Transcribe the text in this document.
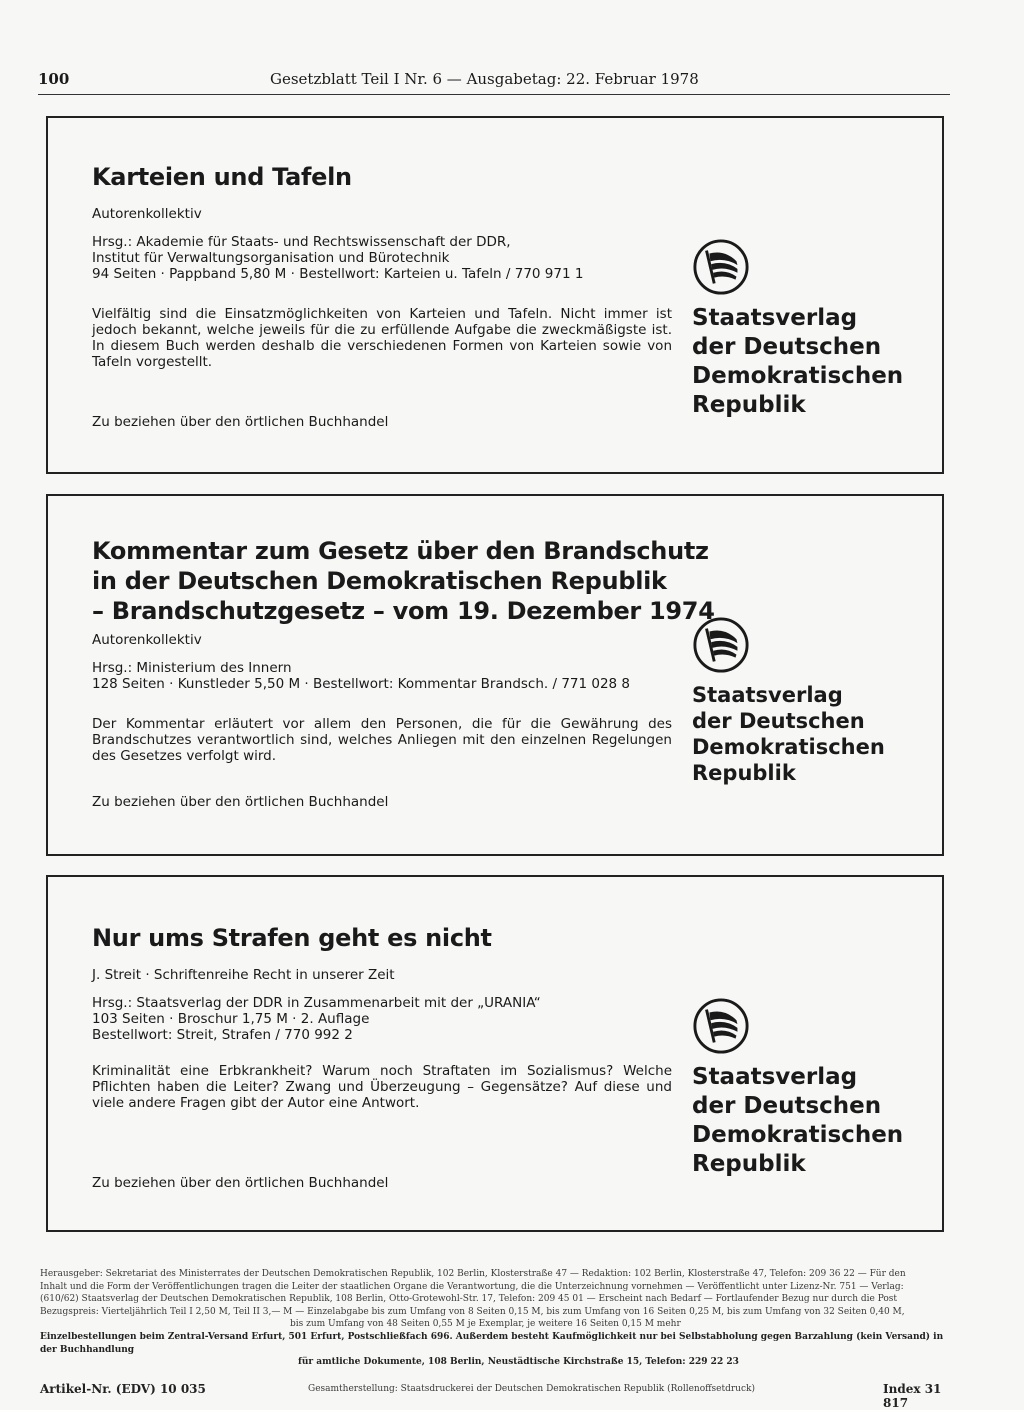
100	Gesetzblatt Teil I Nr. 6 — Ausgabetag: 22. Februar 1978
Karteien und Tafeln
Autorenkollektiv
Hrsg.: Akademie für Staats- und Rechtswissenschaft der DDR,
Institut für Verwaltungsorganisation und Bürotechnik
94 Seiten · Pappband 5,80 M · Bestellwort: Karteien u. Tafeln / 770 971 1
Vielfältig sind die Einsatzmöglichkeiten von Karteien und Tafeln. Nicht immer ist jedoch bekannt, welche jeweils für die zu erfüllende Aufgabe die zweckmäßigste ist. In diesem Buch werden deshalb die verschiedenen Formen von Karteien sowie von Tafeln vorgestellt.
Zu beziehen über den örtlichen Buchhandel
Staatsverlag
der Deutschen
Demokratischen
Republik
Kommentar zum Gesetz über den Brandschutz
in der Deutschen Demokratischen Republik
– Brandschutzgesetz – vom 19. Dezember 1974
Autorenkollektiv
Hrsg.: Ministerium des Innern
128 Seiten · Kunstleder 5,50 M · Bestellwort: Kommentar Brandsch. / 771 028 8
Der Kommentar erläutert vor allem den Personen, die für die Gewährung des Brandschutzes verantwortlich sind, welches Anliegen mit den einzelnen Regelungen des Gesetzes verfolgt wird.
Zu beziehen über den örtlichen Buchhandel
Staatsverlag
der Deutschen
Demokratischen
Republik
Nur ums Strafen geht es nicht
J. Streit · Schriftenreihe Recht in unserer Zeit
Hrsg.: Staatsverlag der DDR in Zusammenarbeit mit der „URANIA“
103 Seiten · Broschur 1,75 M · 2. Auflage
Bestellwort: Streit, Strafen / 770 992 2
Kriminalität eine Erbkrankheit? Warum noch Straftaten im Sozialismus? Welche Pflichten haben die Leiter? Zwang und Überzeugung – Gegensätze? Auf diese und viele andere Fragen gibt der Autor eine Antwort.
Zu beziehen über den örtlichen Buchhandel
Staatsverlag
der Deutschen
Demokratischen
Republik

Herausgeber: Sekretariat des Ministerrates der Deutschen Demokratischen Republik, 102 Berlin, Klosterstraße 47 — Redaktion: 102 Berlin, Klosterstraße 47, Telefon: 209 36 22 — Für den

Inhalt und die Form der Veröffentlichungen tragen die Leiter der staatlichen Organe die Verantwortung, die die Unterzeichnung vornehmen — Veröffentlicht unter Lizenz-Nr. 751 — Verlag:

(610/62) Staatsverlag der Deutschen Demokratischen Republik, 108 Berlin, Otto-Grotewohl-Str. 17, Telefon: 209 45 01 — Erscheint nach Bedarf — Fortlaufender Bezug nur durch die Post

Bezugspreis: Vierteljährlich Teil I 2,50 M, Teil II 3,— M — Einzelabgabe bis zum Umfang von 8 Seiten 0,15 M, bis zum Umfang von 16 Seiten 0,25 M, bis zum Umfang von 32 Seiten 0,40 M,

bis zum Umfang von 48 Seiten 0,55 M je Exemplar, je weitere 16 Seiten 0,15 M mehr

Einzelbestellungen beim Zentral-Versand Erfurt, 501 Erfurt, Postschließfach 696. Außerdem besteht Kaufmöglichkeit nur bei Selbstabholung gegen Barzahlung (kein Versand) in der Buchhandlung

für amtliche Dokumente, 108 Berlin, Neustädtische Kirchstraße 15, Telefon: 229 22 23

Artikel-Nr. (EDV) 10 035	Gesamtherstellung: Staatsdruckerei der Deutschen Demokratischen Republik (Rollenoffsetdruck)	Index 31 817
